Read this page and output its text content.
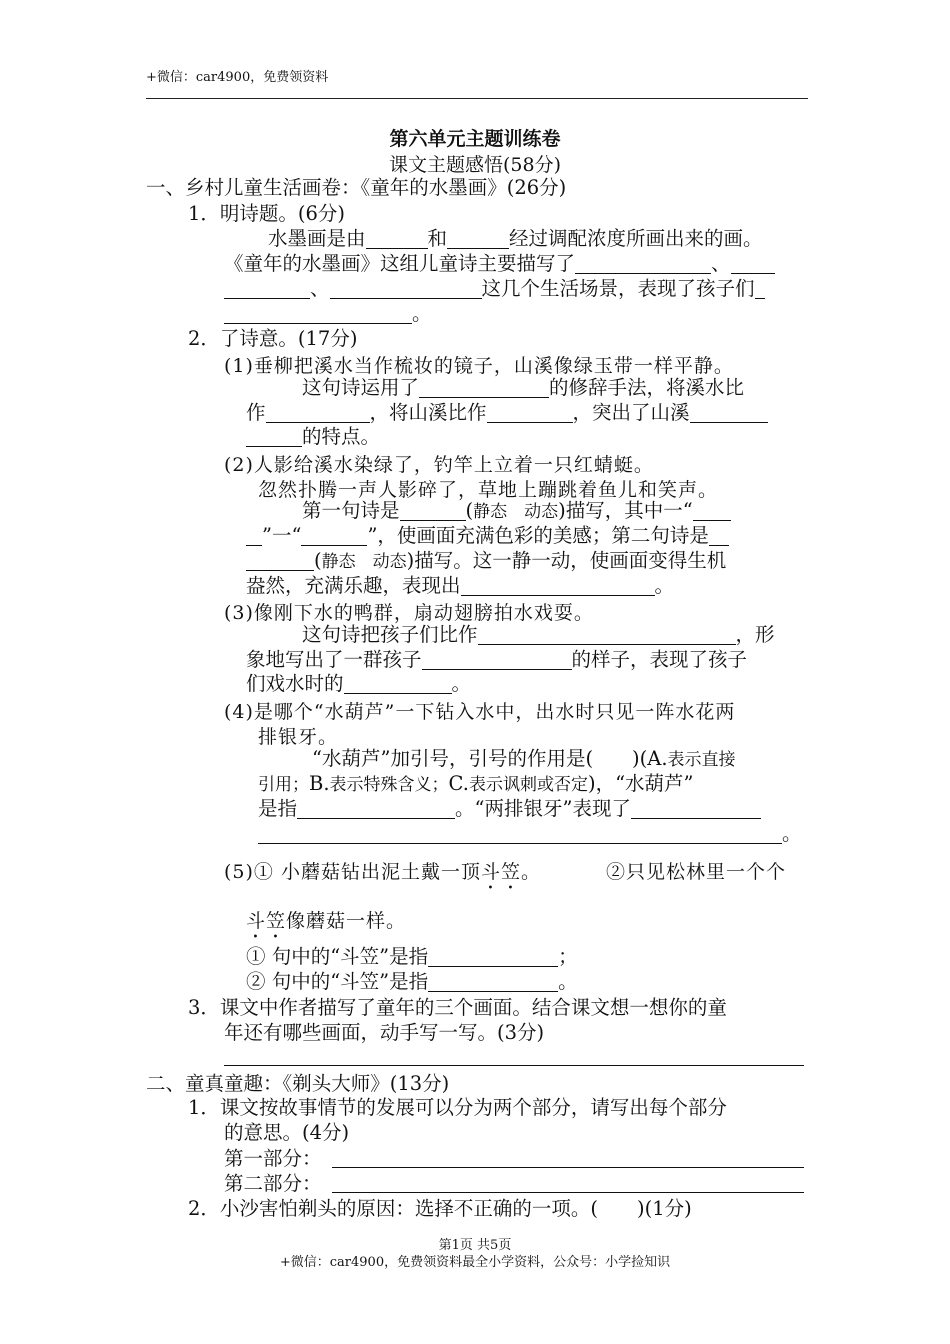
+微信：car4900，免费领资料
第六单元主题训练卷
课文主题感悟(58分)
一、乡村儿童生活画卷：《童年的水墨画》(26分)
1．明诗题。(6分)
水墨画是由	和	经过调配浓度所画出来的画。
《童年的水墨画》这组儿童诗主要描写了	、
、	这几个生活场景，表现了孩子们
。
2．了诗意。(17分)
(1)垂柳把溪水当作梳妆的镜子，山溪像绿玉带一样平静。
这句诗运用了	的修辞手法，将溪水比
作	，将山溪比作	，突出了山溪
的特点。
(2)人影给溪水染绿了，钓竿上立着一只红蜻蜓。
忽然扑腾一声人影碎了，草地上蹦跳着鱼儿和笑声。
第一句诗是	(静态　动态)描写，其中一“
”一“	”，使画面充满色彩的美感；第二句诗是
(静态　动态)描写。这一静一动，使画面变得生机
盎然，充满乐趣，表现出	。
(3)像刚下水的鸭群，扇动翅膀拍水戏耍。
这句诗把孩子们比作	，形
象地写出了一群孩子	的样子，表现了孩子
们戏水时的	。
(4)是哪个“水葫芦”一下钻入水中，出水时只见一阵水花两
排银牙。
“水葫芦”加引号，引号的作用是(　　)(A.表示直接
引用；B.表示特殊含义；C.表示讽刺或否定)，“水葫芦”
是指	。“两排银牙”表现了
。
(5)① 小蘑菇钻出泥土戴一顶斗笠。	②只见松林里一个个
斗笠像蘑菇一样。
① 句中的“斗笠”是指	；
② 句中的“斗笠”是指	。
3．课文中作者描写了童年的三个画面。结合课文想一想你的童
年还有哪些画面，动手写一写。(3分)
二、童真童趣：《剃头大师》(13分)
1．课文按故事情节的发展可以分为两个部分，请写出每个部分
的意思。(4分)
第一部分：
第二部分：
2．小沙害怕剃头的原因：选择不正确的一项。(　　)(1分)
第1页 共5页
+微信：car4900，免费领资料最全小学资料，公众号：小学捡知识
